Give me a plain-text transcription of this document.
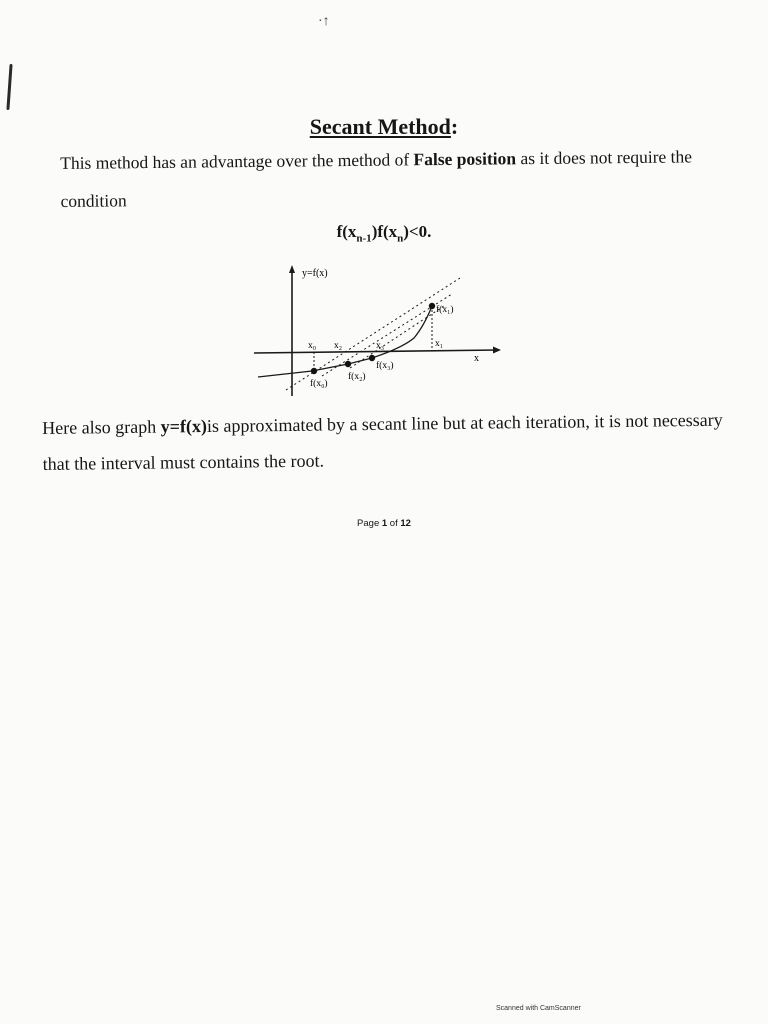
·↑
Secant Method:
This method has an advantage over the method of False position as it does not require the condition
$f(x_{n-1})f(x_n)<0$.
y=f(x)
x
x₀ x₂	x₃	x₁
f(x₁)
f(x₃)
f(x₂)
f(x₀)
Here also graph y=f(x)is approximated by a secant line but at each iteration, it is not necessary that the interval must contains the root.
Page 1 of 12
Scanned with CamScanner
